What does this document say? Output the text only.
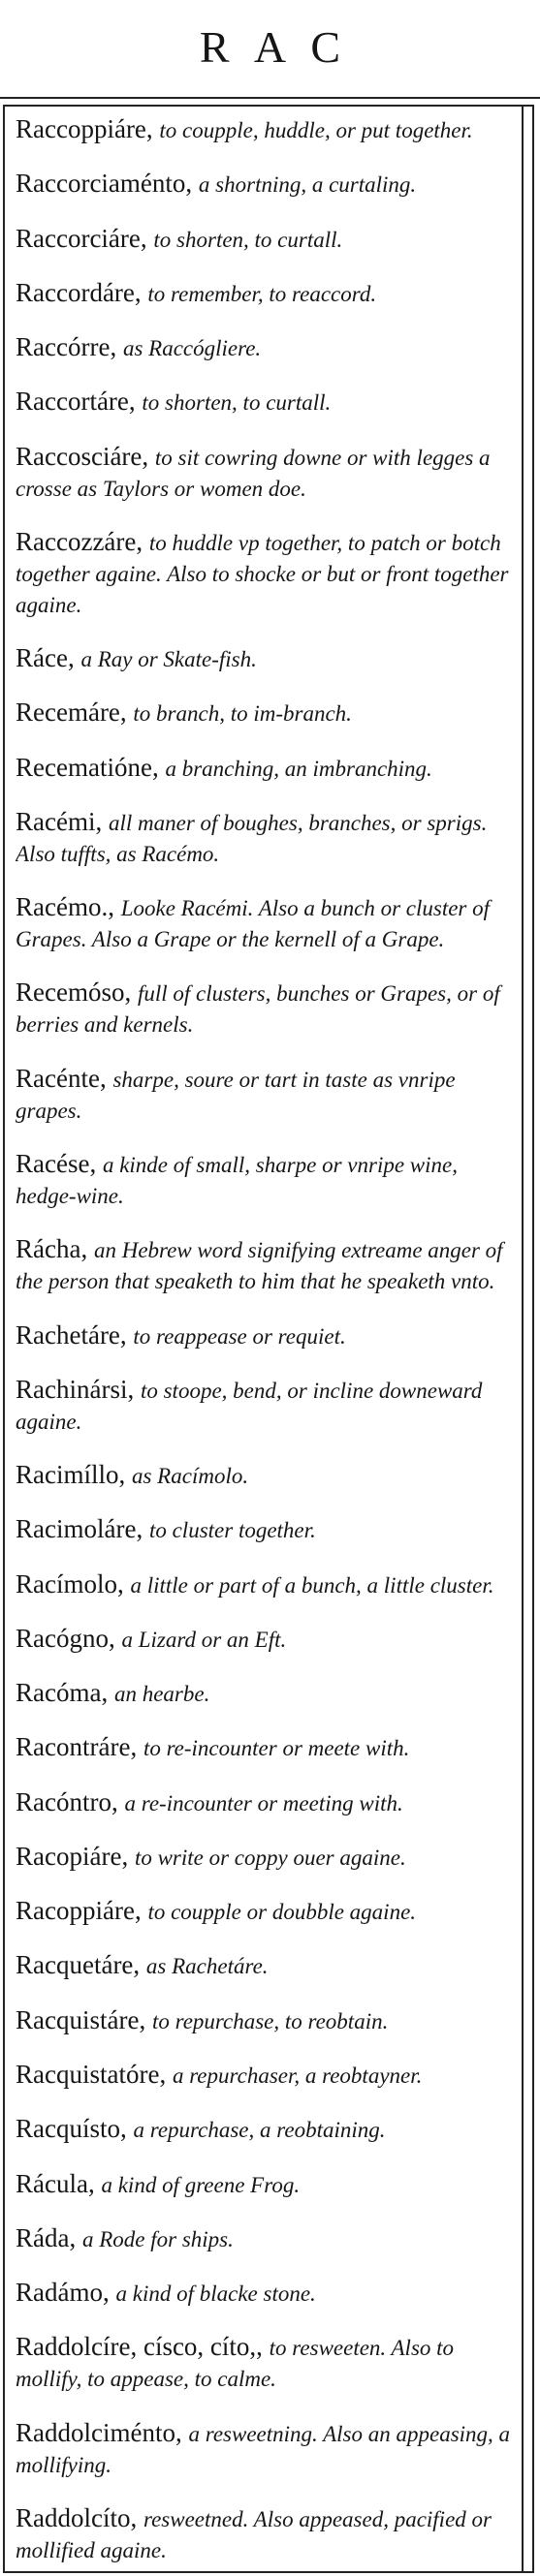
RAC
Raccoppiáre, to coupple, huddle, or put together.
Raccorciaménto, a shortning, a curtaling.
Raccorciáre, to shorten, to curtall.
Raccordáre, to remember, to reaccord.
Raccórre, as Raccógliere.
Raccortáre, to shorten, to curtall.
Raccosciáre, to sit cowring downe or with legges a crosse as Taylors or women doe.
Raccozzáre, to huddle vp together, to patch or botch together againe. Also to shocke or but or front together againe.
Ráce, a Ray or Skate-fish.
Recemáre, to branch, to im-branch.
Recematióne, a branching, an imbranching.
Racémi, all maner of boughes, branches, or sprigs. Also tuffts, as Racémo.
Racémo., Looke Racémi. Also a bunch or cluster of Grapes. Also a Grape or the kernell of a Grape.
Recemóso, full of clusters, bunches or Grapes, or of berries and kernels.
Racénte, sharpe, soure or tart in taste as vnripe grapes.
Racése, a kinde of small, sharpe or vnripe wine, hedge-wine.
Rácha, an Hebrew word signifying extreame anger of the person that speaketh to him that he speaketh vnto.
Rachetáre, to reappease or requiet.
Rachinársi, to stoope, bend, or incline downeward againe.
Racimíllo, as Racímolo.
Racimoláre, to cluster together.
Racímolo, a little or part of a bunch, a little cluster.
Racógno, a Lizard or an Eft.
Racóma, an hearbe.
Racontráre, to re-incounter or meete with.
Racóntro, a re-incounter or meeting with.
Racopiáre, to write or coppy ouer againe.
Racoppiáre, to coupple or doubble againe.
Racquetáre, as Rachetáre.
Racquistáre, to repurchase, to reobtain.
Racquistatóre, a repurchaser, a reobtayner.
Racquísto, a repurchase, a reobtaining.
Rácula, a kind of greene Frog.
Ráda, a Rode for ships.
Radámo, a kind of blacke stone.
Raddolcíre, císco, cíto,, to resweeten. Also to mollify, to appease, to calme.
Raddolciménto, a resweetning. Also an appeasing, a mollifying.
Raddolcíto, resweetned. Also appeased, pacified or mollified againe.
